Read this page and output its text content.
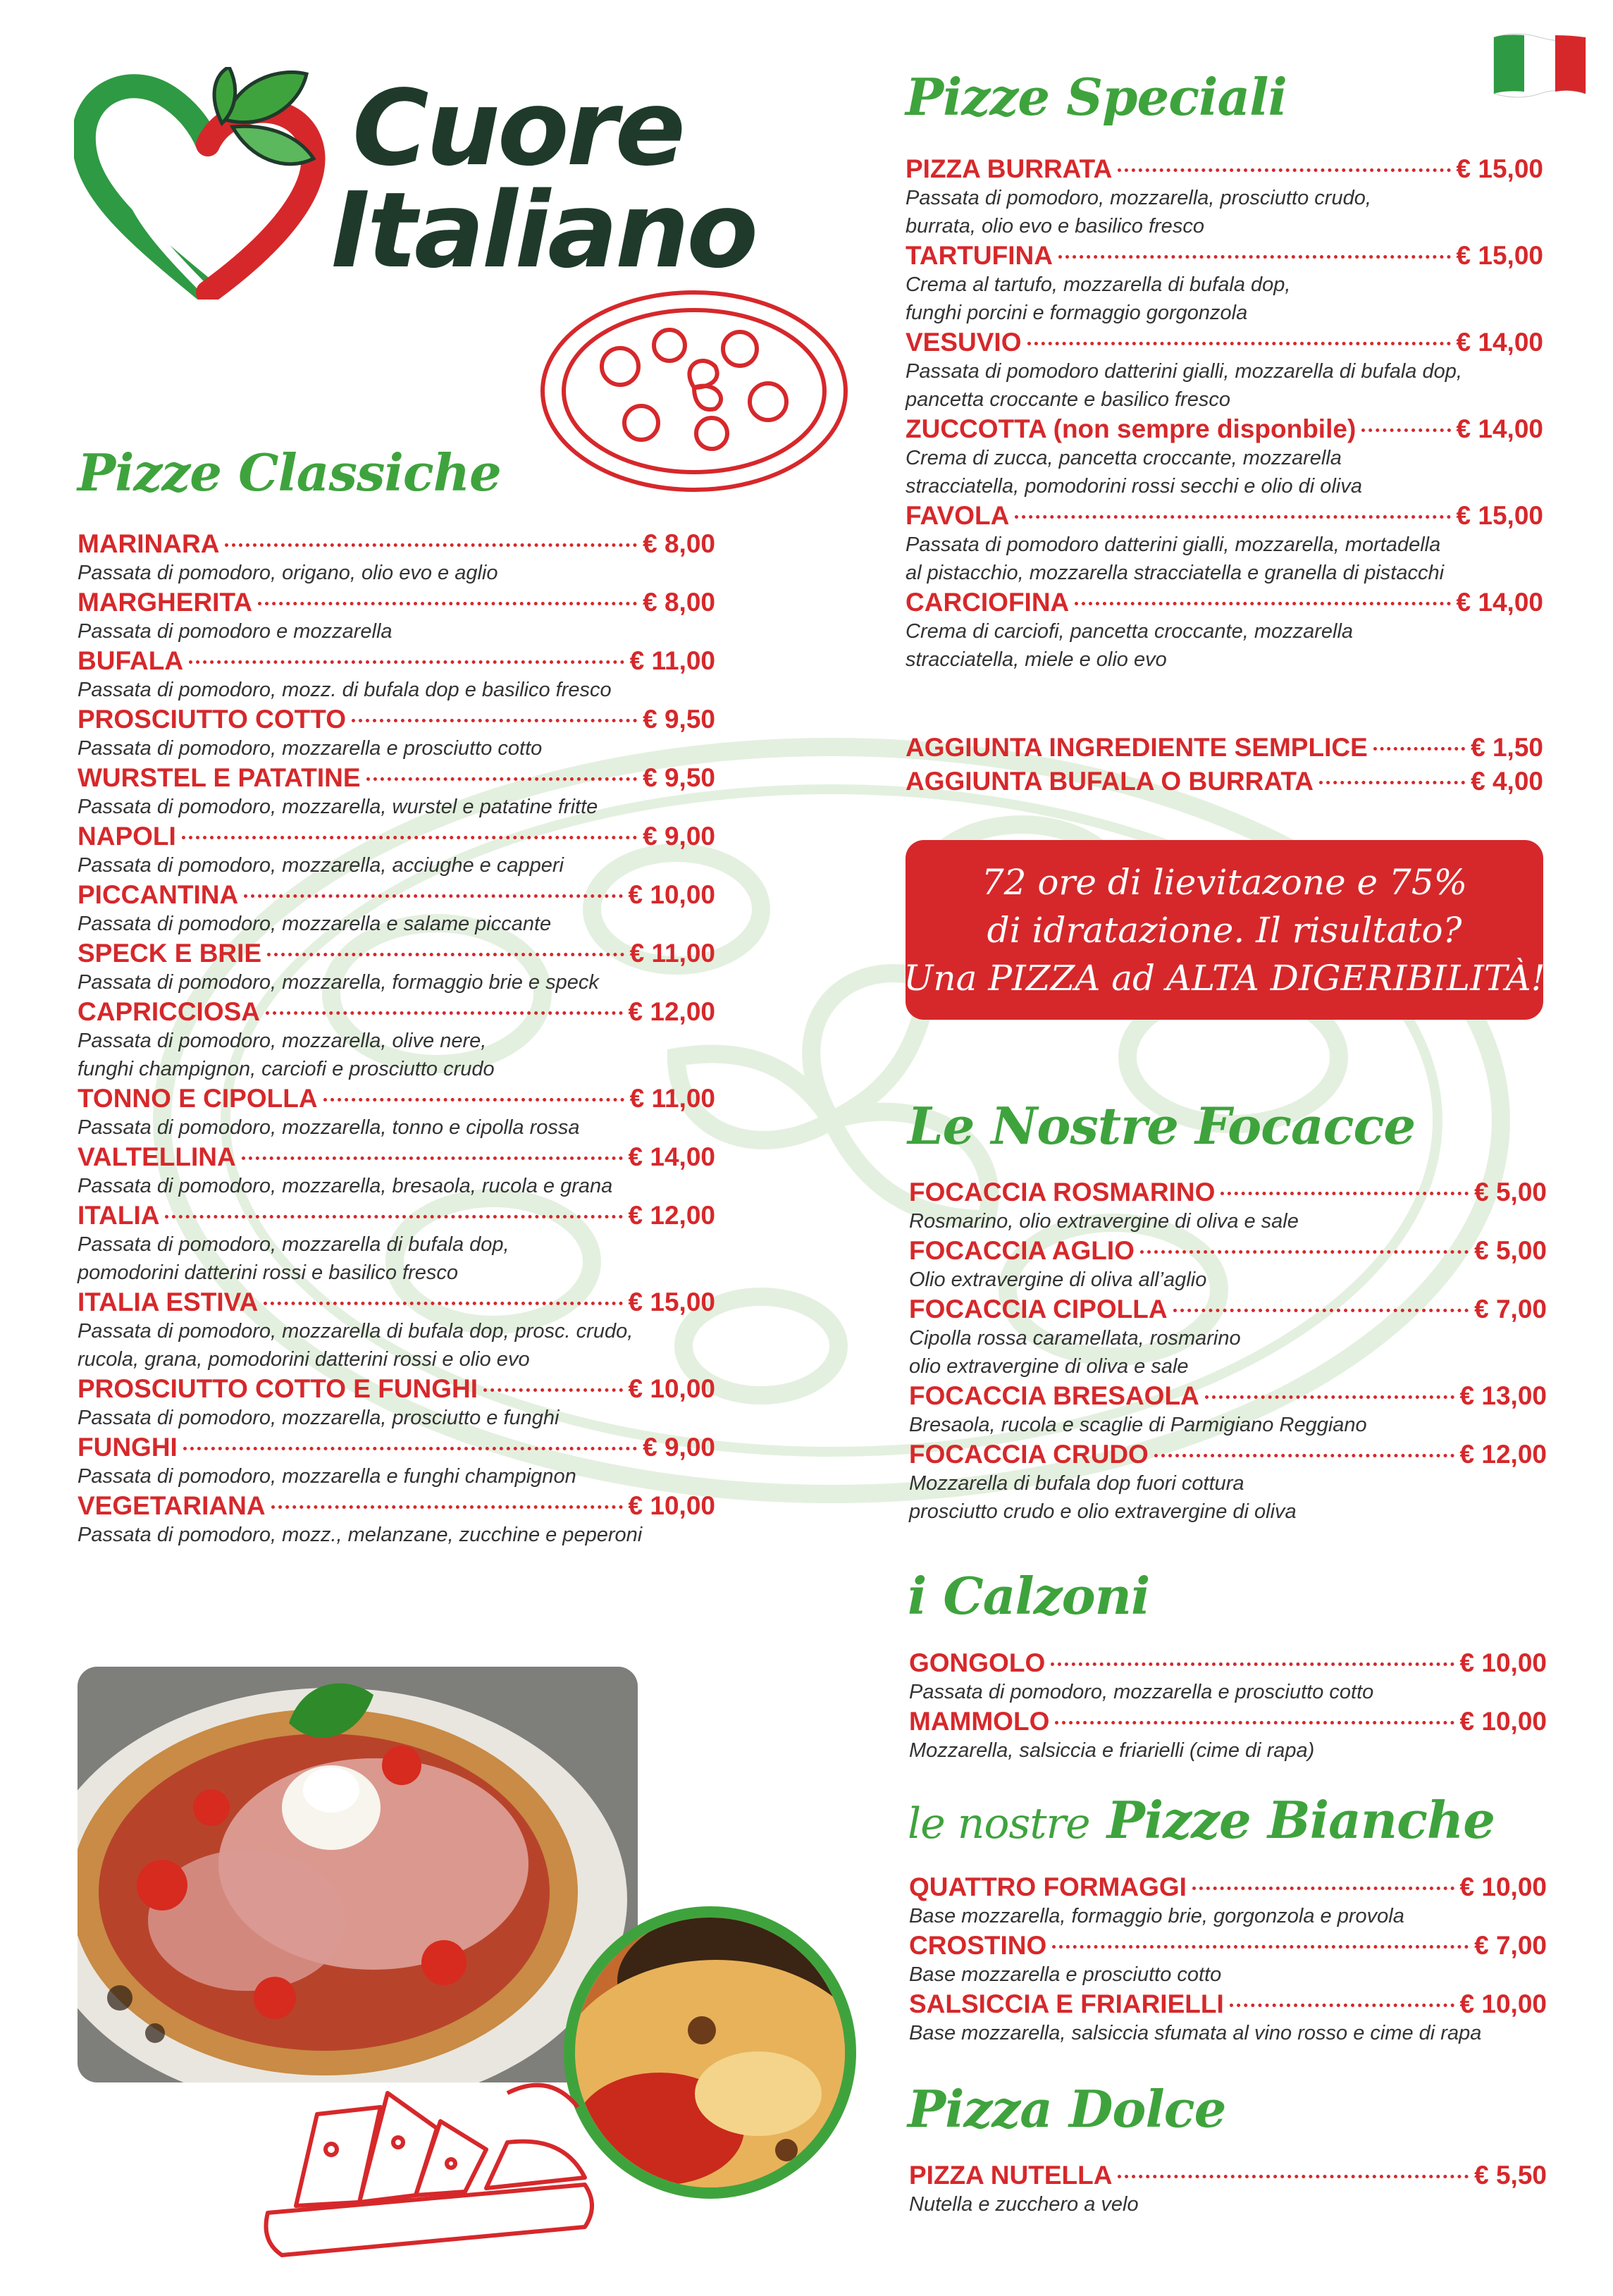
Cuore
Italiano
Pizze Classiche
Pizze Speciali
Le Nostre Focacce
i Calzoni
le nostre Pizze Bianche
Pizza Dolce
MARINARA	€ 8,00
Passata di pomodoro, origano, olio evo e aglio
MARGHERITA	€ 8,00
Passata di pomodoro e mozzarella
BUFALA	€ 11,00
Passata di pomodoro, mozz. di bufala dop e basilico fresco
PROSCIUTTO COTTO	€ 9,50
Passata di pomodoro, mozzarella e prosciutto cotto
WURSTEL E PATATINE	€ 9,50
Passata di pomodoro, mozzarella, wurstel e patatine fritte
NAPOLI	€ 9,00
Passata di pomodoro, mozzarella, acciughe e capperi
PICCANTINA	€ 10,00
Passata di pomodoro, mozzarella e salame piccante
SPECK E BRIE	€ 11,00
Passata di pomodoro, mozzarella, formaggio brie e speck
CAPRICCIOSA	€ 12,00
Passata di pomodoro, mozzarella, olive nere,
funghi champignon, carciofi e prosciutto crudo
TONNO E CIPOLLA	€ 11,00
Passata di pomodoro, mozzarella, tonno e cipolla rossa
VALTELLINA	€ 14,00
Passata di pomodoro, mozzarella, bresaola, rucola e grana
ITALIA	€ 12,00
Passata di pomodoro, mozzarella di bufala dop,
pomodorini datterini rossi e basilico fresco
ITALIA ESTIVA	€ 15,00
Passata di pomodoro, mozzarella di bufala dop, prosc. crudo,
rucola, grana, pomodorini datterini rossi e olio evo
PROSCIUTTO COTTO E FUNGHI	€ 10,00
Passata di pomodoro, mozzarella, prosciutto e funghi
FUNGHI	€ 9,00
Passata di pomodoro, mozzarella e funghi champignon
VEGETARIANA	€ 10,00
Passata di pomodoro, mozz., melanzane, zucchine e peperoni
PIZZA BURRATA	€ 15,00
Passata di pomodoro, mozzarella, prosciutto crudo,
burrata, olio evo e basilico fresco
TARTUFINA	€ 15,00
Crema al tartufo, mozzarella di bufala dop,
funghi porcini e formaggio gorgonzola
VESUVIO	€ 14,00
Passata di pomodoro datterini gialli, mozzarella di bufala dop,
pancetta croccante e basilico fresco
ZUCCOTTA (non sempre disponbile)	€ 14,00
Crema di zucca, pancetta croccante, mozzarella
stracciatella, pomodorini rossi secchi e olio di oliva
FAVOLA	€ 15,00
Passata di pomodoro datterini gialli, mozzarella, mortadella
al pistacchio, mozzarella stracciatella e granella di pistacchi
CARCIOFINA	€ 14,00
Crema di carciofi, pancetta croccante, mozzarella
stracciatella, miele e olio evo
AGGIUNTA INGREDIENTE SEMPLICE	€ 1,50
AGGIUNTA BUFALA O BURRATA	€ 4,00
72 ore di lievitazone e 75%
di idratazione. Il risultato?
Una PIZZA ad ALTA DIGERIBILITÀ!
FOCACCIA ROSMARINO	€ 5,00
Rosmarino, olio extravergine di oliva e sale
FOCACCIA AGLIO	€ 5,00
Olio extravergine di oliva all’aglio
FOCACCIA CIPOLLA	€ 7,00
Cipolla rossa caramellata, rosmarino
olio extravergine di oliva e sale
FOCACCIA BRESAOLA	€ 13,00
Bresaola, rucola e scaglie di Parmigiano Reggiano
FOCACCIA CRUDO	€ 12,00
Mozzarella di bufala dop fuori cottura
prosciutto crudo e olio extravergine di oliva
GONGOLO	€ 10,00
Passata di pomodoro, mozzarella e prosciutto cotto
MAMMOLO	€ 10,00
Mozzarella, salsiccia e friarielli (cime di rapa)
QUATTRO FORMAGGI	€ 10,00
Base mozzarella, formaggio brie, gorgonzola e provola
CROSTINO	€ 7,00
Base mozzarella e prosciutto cotto
SALSICCIA E FRIARIELLI	€ 10,00
Base mozzarella, salsiccia sfumata al vino rosso e cime di rapa
PIZZA NUTELLA	€ 5,50
Nutella e zucchero a velo
